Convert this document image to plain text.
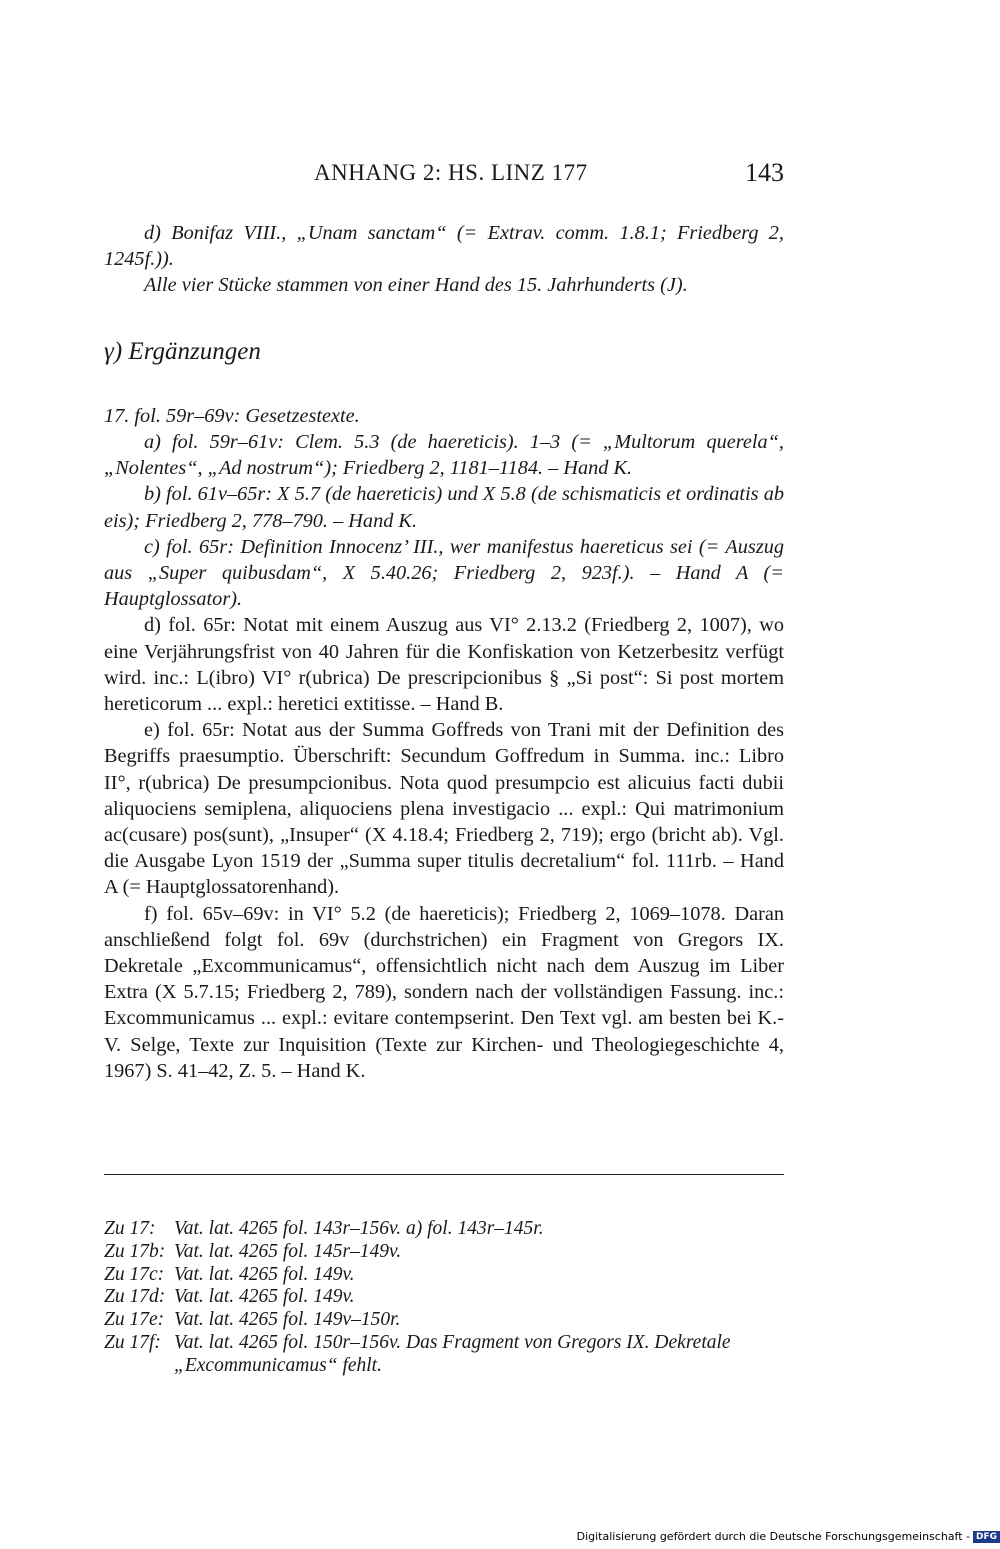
ANHANG 2: HS. LINZ 177	143

d) Bonifaz VIII., „Unam sanctam“ (= Extrav. comm. 1.8.1; Friedberg 2, 1245f.)).

Alle vier Stücke stammen von einer Hand des 15. Jahrhunderts (J).

γ) Ergänzungen

17. fol. 59r–69v: Gesetzestexte.

a) fol. 59r–61v: Clem. 5.3 (de haereticis). 1–3 (= „Multorum querela“, „Nolentes“, „Ad nostrum“); Friedberg 2, 1181–1184. – Hand K.

b) fol. 61v–65r: X 5.7 (de haereticis) und X 5.8 (de schismaticis et ordinatis ab eis); Friedberg 2, 778–790. – Hand K.

c) fol. 65r: Definition Innocenz’ III., wer manifestus haereticus sei (= Auszug aus „Super quibusdam“, X 5.40.26; Friedberg 2, 923f.). – Hand A (= Hauptglossator).

d) fol. 65r: Notat mit einem Auszug aus VI° 2.13.2 (Friedberg 2, 1007), wo eine Verjährungsfrist von 40 Jahren für die Konfiskation von Ketzerbesitz verfügt wird. inc.: L(ibro) VI° r(ubrica) De prescripcionibus § „Si post“: Si post mortem hereticorum ... expl.: heretici extitisse. – Hand B.

e) fol. 65r: Notat aus der Summa Goffreds von Trani mit der Definition des Begriffs praesumptio. Überschrift: Secundum Goffredum in Summa. inc.: Libro II°, r(ubrica) De presumpcionibus. Nota quod presumpcio est alicuius facti dubii aliquociens semiplena, aliquociens plena investigacio ... expl.: Qui matrimonium ac(cusare) pos(sunt), „Insuper“ (X 4.18.4; Friedberg 2, 719); ergo (bricht ab). Vgl. die Ausgabe Lyon 1519 der „Summa super titulis decretalium“ fol. 111rb. – Hand A (= Hauptglossatorenhand).

f) fol. 65v–69v: in VI° 5.2 (de haereticis); Friedberg 2, 1069–1078. Daran anschließend folgt fol. 69v (durchstrichen) ein Fragment von Gregors IX. Dekretale „Excommunicamus“, offensichtlich nicht nach dem Auszug im Liber Extra (X 5.7.15; Friedberg 2, 789), sondern nach der vollständigen Fassung. inc.: Excommunicamus ... expl.: evitare contempserint. Den Text vgl. am besten bei K.-V. Selge, Texte zur Inquisition (Texte zur Kirchen- und Theologiegeschichte 4, 1967) S. 41–42, Z. 5. – Hand K.

Zu 17: Vat. lat. 4265 fol. 143r–156v. a) fol. 143r–145r.
Zu 17b: Vat. lat. 4265 fol. 145r–149v.
Zu 17c: Vat. lat. 4265 fol. 149v.
Zu 17d: Vat. lat. 4265 fol. 149v.
Zu 17e: Vat. lat. 4265 fol. 149v–150r.
Zu 17f: Vat. lat. 4265 fol. 150r–156v. Das Fragment von Gregors IX. Dekretale „Excommunicamus“ fehlt.
Digitalisierung gefördert durch die Deutsche Forschungsgemeinschaft - DFG
